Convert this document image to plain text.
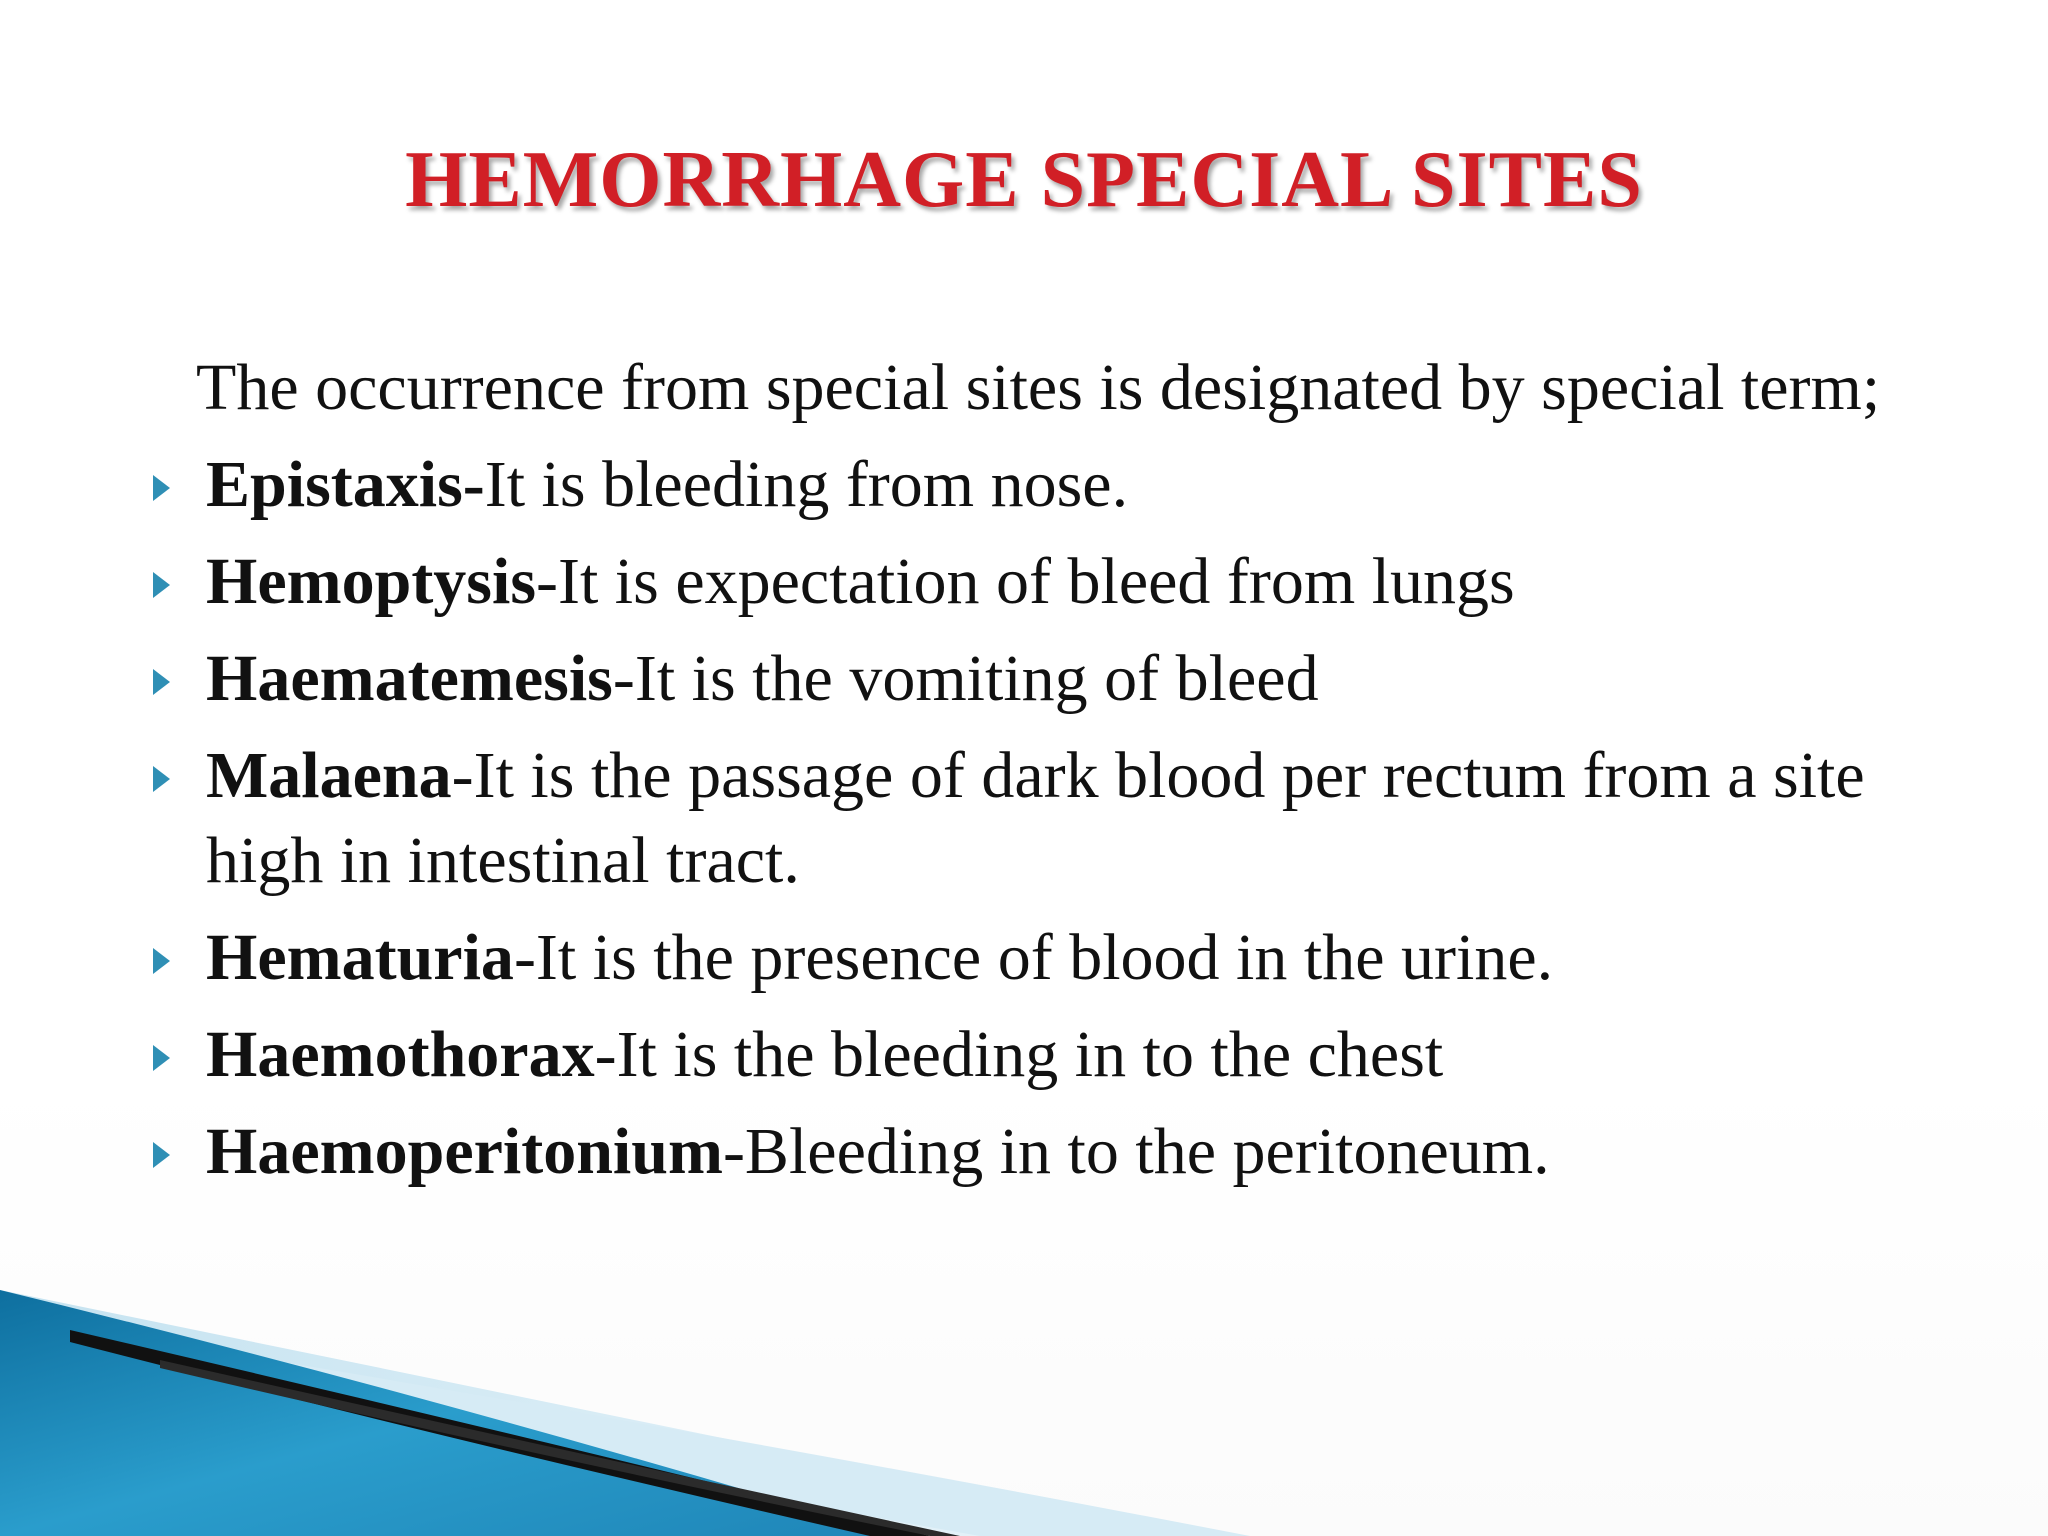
HEMORRHAGE SPECIAL SITES

The occurrence from special sites is designated by special term;

Epistaxis-It is bleeding from nose.
Hemoptysis-It is expectation of bleed from lungs
Haematemesis-It is the vomiting of bleed
Malaena-It is the passage of dark blood per rectum from a site high in intestinal tract.
Hematuria-It is the presence of blood in the urine.
Haemothorax-It is the bleeding in to the chest
Haemoperitonium-Bleeding in to the peritoneum.
